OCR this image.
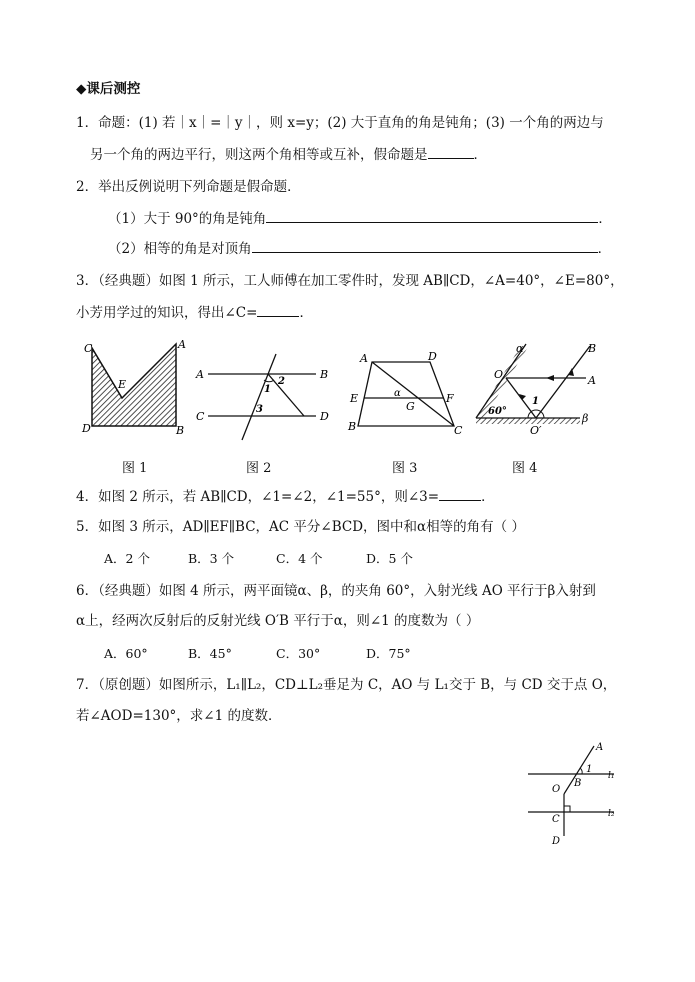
◆课后测控
1．命题：(1) 若｜x｜=｜y｜，则 x=y；(2) 大于直角的角是钝角；(3) 一个角的两边与
另一个角的两边平行，则这两个角相等或互补，假命题是	．
2．举出反例说明下列命题是假命题．
（1）大于 90°的角是钝角	．
（2）相等的角是对顶角	．
3．（经典题）如图 1 所示，工人师傅在加工零件时，发现 AB∥CD，∠A=40°，∠E=80°，
小芳用学过的知识，得出∠C=	．
C	A
E
D	B
A	B
C	D
1
2
3
A	D
E	F
B	C
G
α
1
60°
α
β
O
B
A
O′
图 1	图 2	图 3	图 4
4．如图 2 所示，若 AB∥CD，∠1=∠2，∠1=55°，则∠3=	．
5．如图 3 所示，AD∥EF∥BC，AC 平分∠BCD，图中和α相等的角有（ ）
A．2 个	B．3 个	C．4 个	D．5 个
6．（经典题）如图 4 所示，两平面镜α、β，的夹角 60°，入射光线 AO 平行于β入射到
α上，经两次反射后的反射光线 O′B 平行于α，则∠1 的度数为（ ）
A．60°	B．45°	C．30°	D．75°
7．（原创题）如图所示，L₁∥L₂，CD⊥L₂垂足为 C，AO 与 L₁交于 B，与 CD 交于点 O，
若∠AOD=130°，求∠1 的度数．
A
B
1
O
C
D
l₁
l₂
